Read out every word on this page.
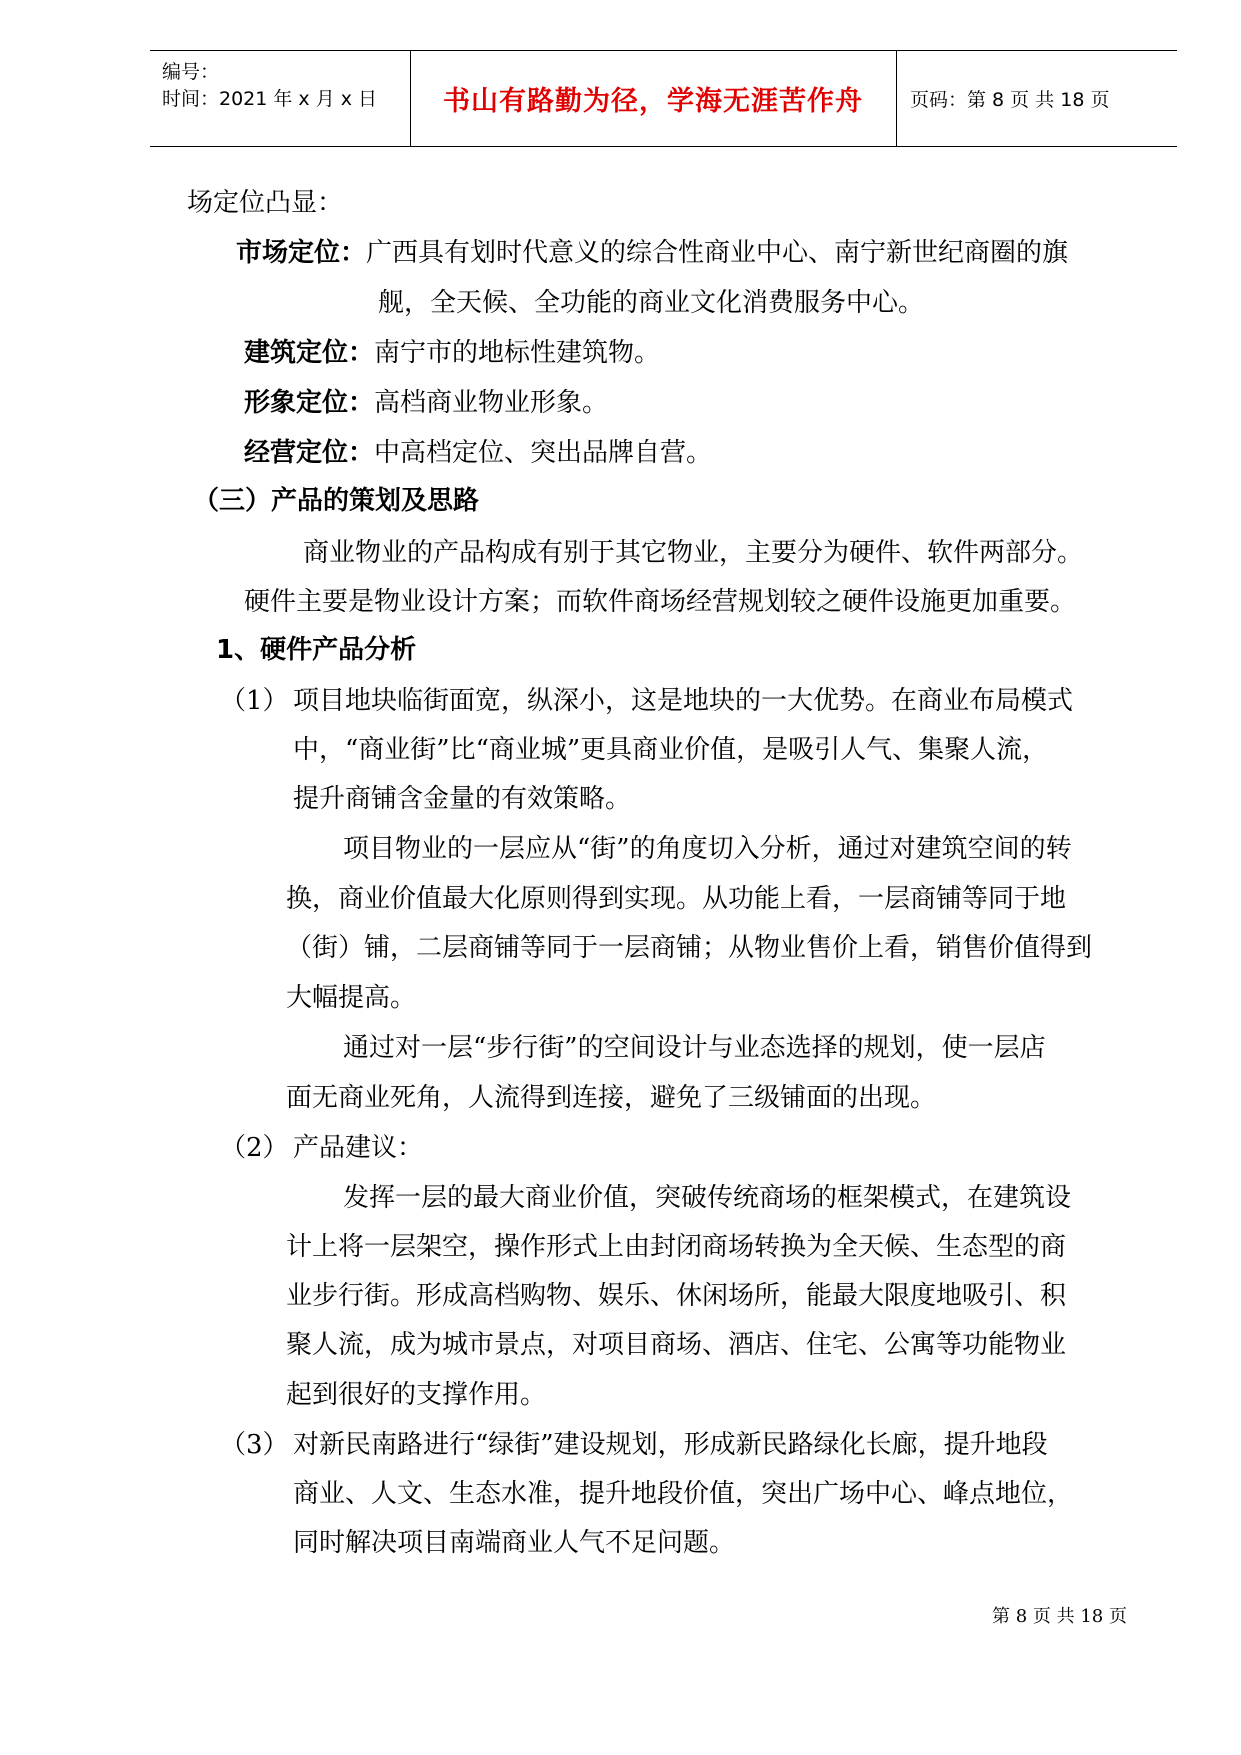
编号：
时间：2021 年 x 月 x 日 书山有路勤为径，学海无涯苦作舟 页码：第 8 页 共 18 页
场定位凸显：
市场定位：广西具有划时代意义的综合性商业中心、南宁新世纪商圈的旗
舰，全天候、全功能的商业文化消费服务中心。
建筑定位：南宁市的地标性建筑物。
形象定位：高档商业物业形象。
经营定位：中高档定位、突出品牌自营。
（三）产品的策划及思路
商业物业的产品构成有别于其它物业，主要分为硬件、软件两部分。
硬件主要是物业设计方案；而软件商场经营规划较之硬件设施更加重要。
1、硬件产品分析
（1） 项目地块临街面宽，纵深小，这是地块的一大优势。在商业布局模式
中，“商业街”比“商业城”更具商业价值，是吸引人气、集聚人流，
提升商铺含金量的有效策略。
项目物业的一层应从“街”的角度切入分析，通过对建筑空间的转
换，商业价值最大化原则得到实现。从功能上看，一层商铺等同于地
（街）铺，二层商铺等同于一层商铺；从物业售价上看，销售价值得到
大幅提高。
通过对一层“步行街”的空间设计与业态选择的规划，使一层店
面无商业死角，人流得到连接，避免了三级铺面的出现。
（2） 产品建议：
发挥一层的最大商业价值，突破传统商场的框架模式，在建筑设
计上将一层架空，操作形式上由封闭商场转换为全天候、生态型的商
业步行街。形成高档购物、娱乐、休闲场所，能最大限度地吸引、积
聚人流，成为城市景点，对项目商场、酒店、住宅、公寓等功能物业
起到很好的支撑作用。
（3） 对新民南路进行“绿街”建设规划，形成新民路绿化长廊，提升地段
商业、人文、生态水准，提升地段价值，突出广场中心、峰点地位，
同时解决项目南端商业人气不足问题。
第 8 页 共 18 页
